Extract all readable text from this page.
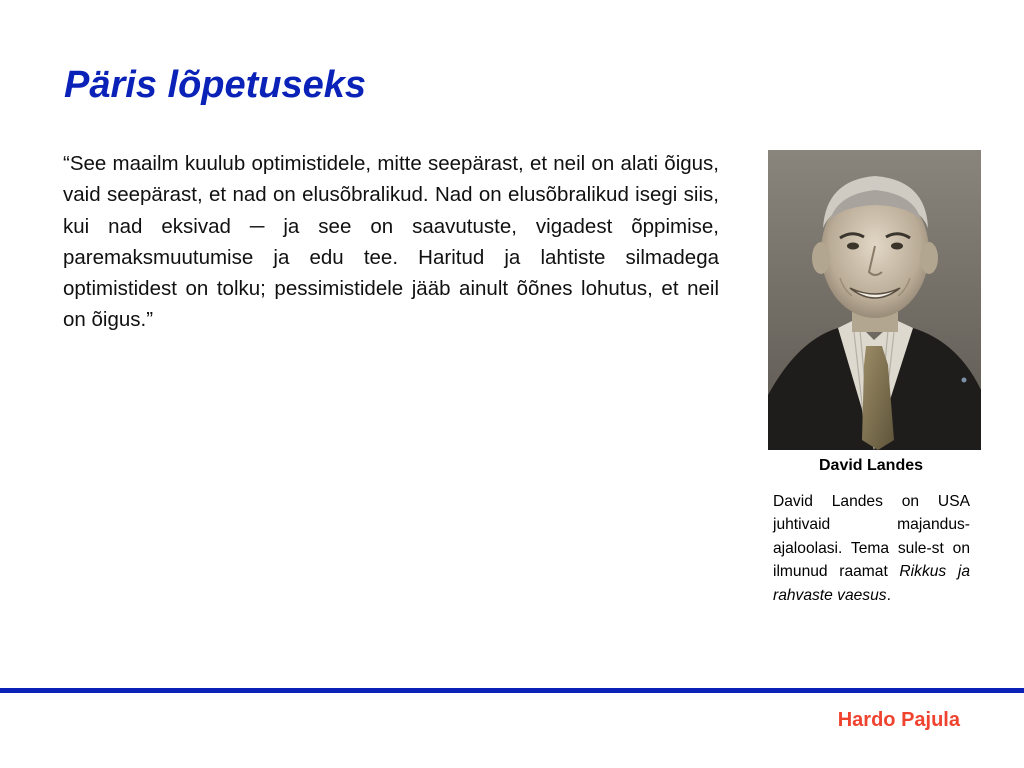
Päris lõpetuseks

“See maailm kuulub optimistidele, mitte seepärast, et neil on alati õigus, vaid seepärast, et nad on elusõbralikud. Nad on elusõbralikud isegi siis, kui nad eksivad ─ ja see on saavutuste, vigadest õppimise, paremaksmuutumise ja edu tee. Haritud ja lahtiste silmadega optimistidest on tolku; pessimistidele jääb ainult õõnes lohutus, et neil on õigus.”

David Landes

David Landes on USA juhtivaid majandus-ajaloolasi. Tema sule-st on ilmunud raamat Rikkus ja rahvaste vaesus.

Hardo Pajula
